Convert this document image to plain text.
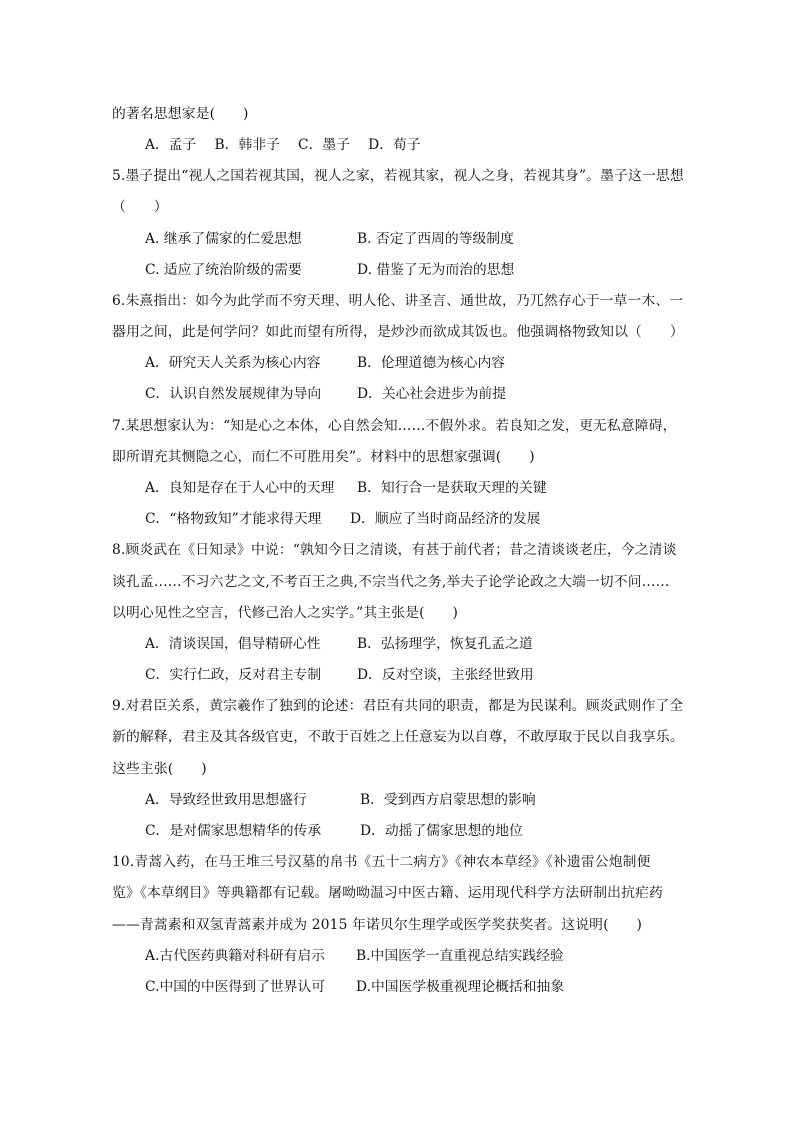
的著名思想家是(　　)
A．孟子　 B．韩非子　 C．墨子　 D．荀子
5.墨子提出“视人之国若视其国，视人之家，若视其家，视人之身，若视其身”。墨子这一思想
（　　）
A. 继承了儒家的仁爱思想	B. 否定了西周的等级制度
C. 适应了统治阶级的需要	D. 借鉴了无为而治的思想
6.朱熹指出：如今为此学而不穷天理、明人伦、讲圣言、通世故，乃兀然存心于一草一木、一
器用之间，此是何学问？如此而望有所得，是炒沙而欲成其饭也。他强调格物致知以（　　）
A．研究天人关系为核心内容	B．伦理道德为核心内容
C．认识自然发展规律为导向	D．关心社会进步为前提
7.某思想家认为：“知是心之本体，心自然会知……不假外求。若良知之发，更无私意障碍，
即所谓充其恻隐之心，而仁不可胜用矣”。材料中的思想家强调(　　)
A．良知是存在于人心中的天理 B．知行合一是获取天理的关键
C．“格物致知”才能求得天理 D．顺应了当时商品经济的发展
8.顾炎武在《日知录》中说：“孰知今日之清谈，有甚于前代者；昔之清谈谈老庄，今之清谈
谈孔孟……不习六艺之文,不考百王之典,不宗当代之务,举夫子论学论政之大端一切不问……
以明心见性之空言，代修己治人之实学。”其主张是(　　)
A．清谈误国，倡导精研心性	B．弘扬理学，恢复孔孟之道
C．实行仁政，反对君主专制	D．反对空谈，主张经世致用
9.对君臣关系，黄宗羲作了独到的论述：君臣有共同的职责，都是为民谋利。顾炎武则作了全
新的解释，君主及其各级官吏，不敢于百姓之上任意妄为以自尊，不敢厚取于民以自我享乐。
这些主张(　　)
A．导致经世致用思想盛行	B．受到西方启蒙思想的影响
C．是对儒家思想精华的传承	D．动摇了儒家思想的地位
10.青蒿入药，在马王堆三号汉墓的帛书《五十二病方》《神农本草经》《补遗雷公炮制便
览》《本草纲目》等典籍都有记载。屠呦呦温习中医古籍、运用现代科学方法研制出抗疟药
——青蒿素和双氢青蒿素并成为 2015 年诺贝尔生理学或医学奖获奖者。这说明(　　)
A.古代医药典籍对科研有启示 B.中国医学一直重视总结实践经验
C.中国的中医得到了世界认可 D.中国医学极重视理论概括和抽象
